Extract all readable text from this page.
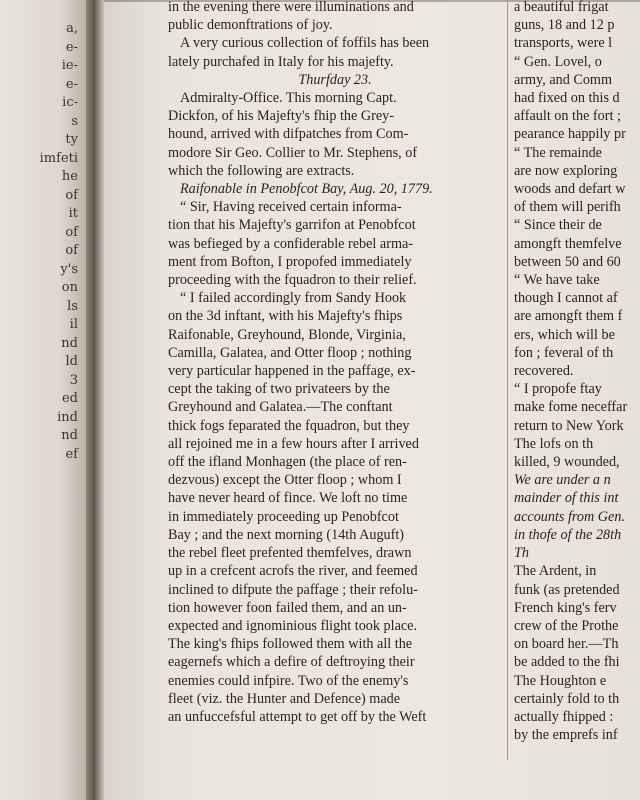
a,
e-
ie-
e-
ic-
s
ty
imfeti
he
of
it
of
of
y's
on
ls
il
nd
ld
3
ed
ind
nd
ef
in the evening there were illuminations and
public demonftrations of joy.
A very curious collection of foffils has been
lately purchafed in Italy for his majefty.
Thurfday 23.
Admiralty-Office. This morning Capt.
Dickfon, of his Majefty's fhip the Grey-
hound, arrived with difpatches from Com-
modore Sir Geo. Collier to Mr. Stephens, of
which the following are extracts.
Raifonable in Penobfcot Bay, Aug. 20, 1779.
“ Sir, Having received certain informa-
tion that his Majefty's garrifon at Penobfcot
was befieged by a confiderable rebel arma-
ment from Bofton, I propofed immediately
proceeding with the fquadron to their relief.
“ I failed accordingly from Sandy Hook
on the 3d inftant, with his Majefty's fhips
Raifonable, Greyhound, Blonde, Virginia,
Camilla, Galatea, and Otter floop ; nothing
very particular happened in the paffage, ex-
cept the taking of two privateers by the
Greyhound and Galatea.—The conftant
thick fogs feparated the fquadron, but they
all rejoined me in a few hours after I arrived
off the ifland Monhagen (the place of ren-
dezvous) except the Otter floop ; whom I
have never heard of fince. We loft no time
in immediately proceeding up Penobfcot
Bay ; and the next morning (14th Auguft)
the rebel fleet prefented themfelves, drawn
up in a crefcent acrofs the river, and feemed
inclined to difpute the paffage ; their refolu-
tion however foon failed them, and an un-
expected and ignominious flight took place.
The king's fhips followed them with all the
eagernefs which a defire of deftroying their
enemies could infpire. Two of the enemy's
fleet (viz. the Hunter and Defence) made
an unfuccefsful attempt to get off by the Weft
a beautiful frigat
guns, 18 and 12 p
transports, were l
“ Gen. Lovel, o
army, and Comm
had fixed on this d
affault on the fort ;
pearance happily pr
“ The remainde
are now exploring
woods and defart w
of them will perifh
“ Since their de
amongft themfelve
between 50 and 60
“ We have take
though I cannot af
are amongft them f
ers, which will be
fon ; feveral of th
recovered.
“ I propofe ftay
make fome neceffar
return to New York
The lofs on th
killed, 9 wounded,
We are under a n
mainder of this int
accounts from Gen.
in thofe of the 28th
Th
The Ardent, in
funk (as pretended
French king's ferv
crew of the Prothe
on board her.—Th
be added to the fhi
The Houghton e
certainly fold to th
actually fhipped :
by the emprefs inf
